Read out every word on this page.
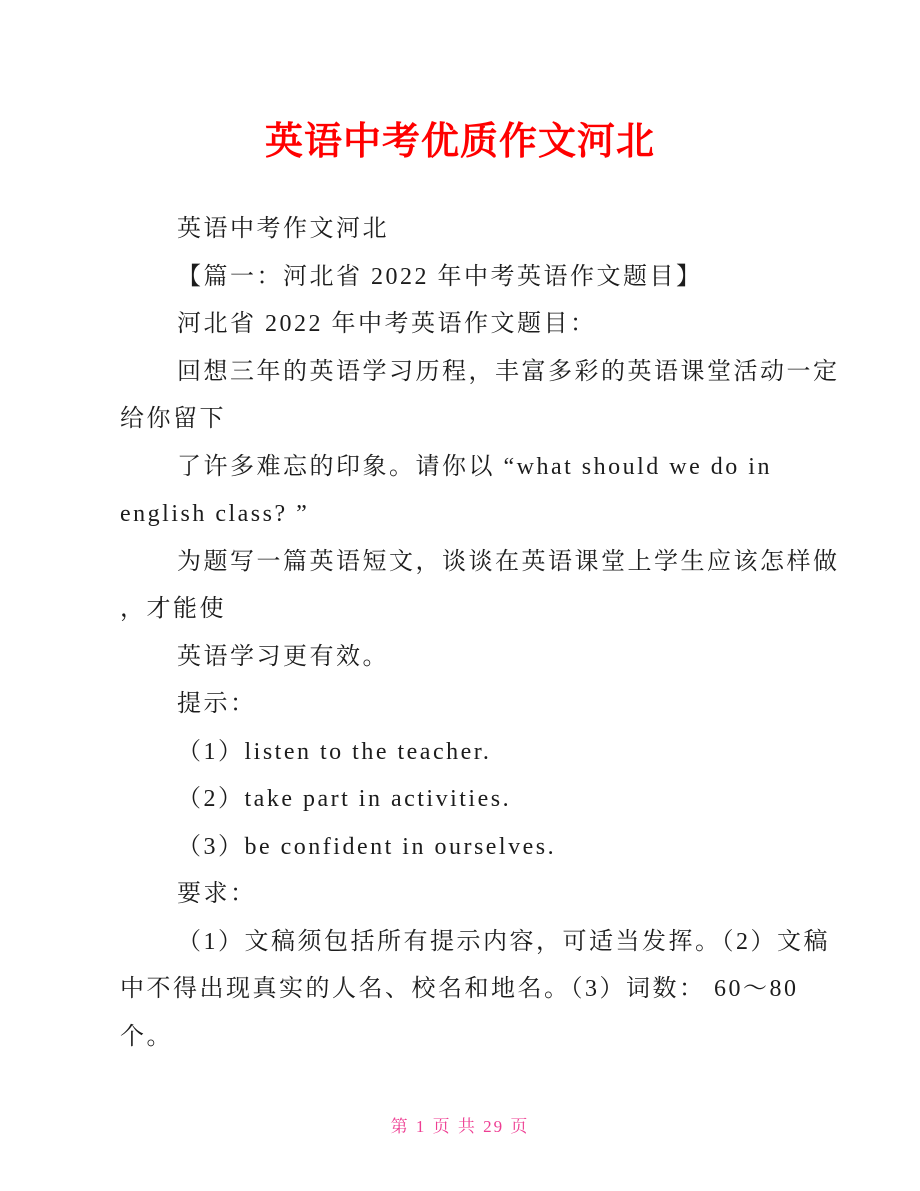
英语中考优质作文河北
英语中考作文河北
【篇一：河北省 2022 年中考英语作文题目】
河北省 2022 年中考英语作文题目：
回想三年的英语学习历程，丰富多彩的英语课堂活动一定
给你留下
了许多难忘的印象。请你以 “what should we do in
english class? ”
为题写一篇英语短文，谈谈在英语课堂上学生应该怎样做
，才能使
英语学习更有效。
提示：
（1）listen to the teacher.
（2）take part in activities.
（3）be confident in ourselves.
要求：
（1）文稿须包括所有提示内容，可适当发挥。（2）文稿
中不得出现真实的人名、校名和地名。（3）词数： 60～80
个。
第 1 页 共 29 页
